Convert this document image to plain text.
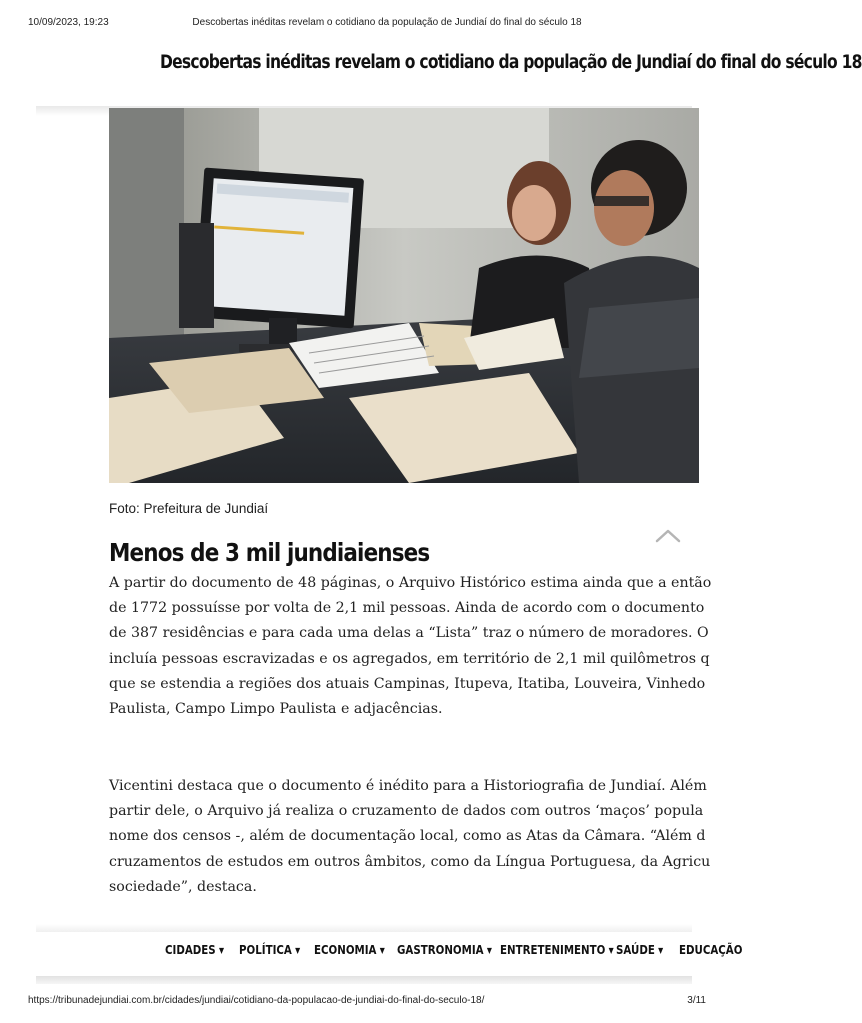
10/09/2023, 19:23	Descobertas inéditas revelam o cotidiano da população de Jundiaí do final do século 18
Descobertas inéditas revelam o cotidiano da população de Jundiaí do final do século 18
Foto: Prefeitura de Jundiaí
Menos de 3 mil jundiaienses
A partir do documento de 48 páginas, o Arquivo Histórico estima ainda que a então
de 1772 possuísse por volta de 2,1 mil pessoas. Ainda de acordo com o documento
de 387 residências e para cada uma delas a “Lista” traz o número de moradores. O
incluía pessoas escravizadas e os agregados, em território de 2,1 mil quilômetros q
que se estendia a regiões dos atuais Campinas, Itupeva, Itatiba, Louveira, Vinhedo
Paulista, Campo Limpo Paulista e adjacências.
Vicentini destaca que o documento é inédito para a Historiografia de Jundiaí. Além
partir dele, o Arquivo já realiza o cruzamento de dados com outros ‘maços’ popula
nome dos censos -, além de documentação local, como as Atas da Câmara. “Além d
cruzamentos de estudos em outros âmbitos, como da Língua Portuguesa, da Agricu
sociedade”, destaca.
CIDADES ▼ POLÍTICA ▼ ECONOMIA ▼ GASTRONOMIA ▼ ENTRETENIMENTO ▼ SAÚDE ▼ EDUCAÇÃO
https://tribunadejundiai.com.br/cidades/jundiai/cotidiano-da-populacao-de-jundiai-do-final-do-seculo-18/	3/11
